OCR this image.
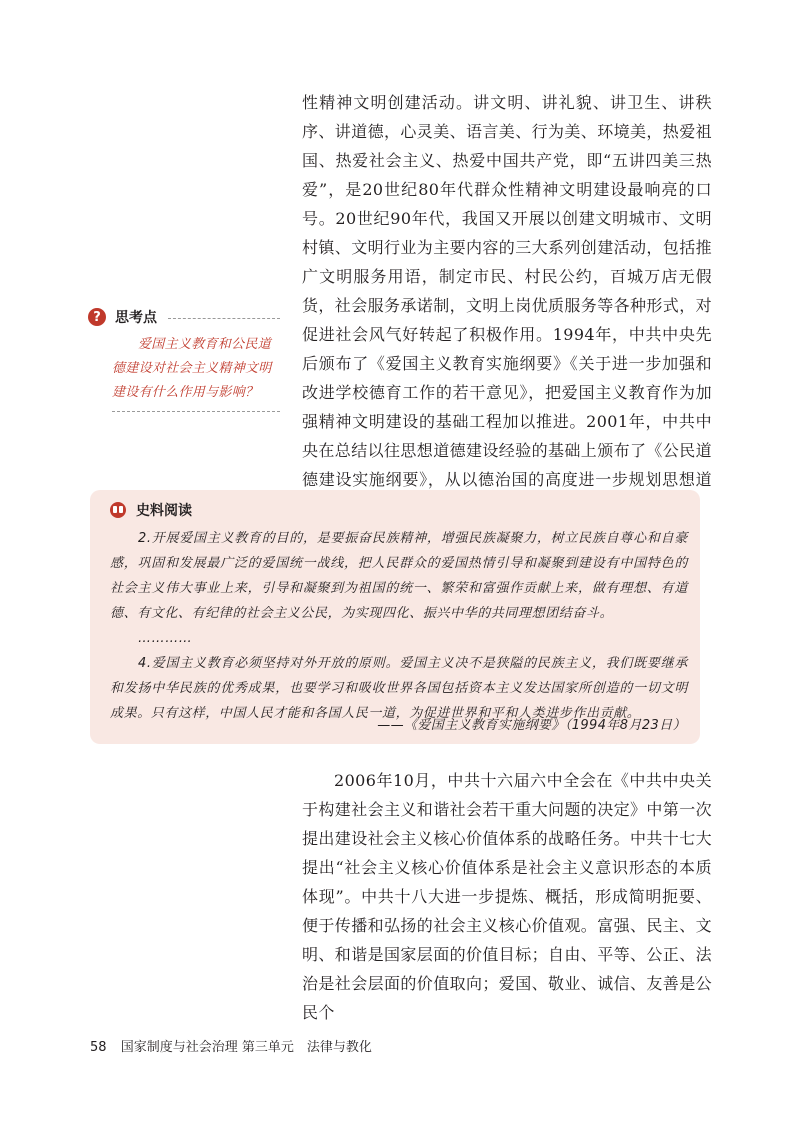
性精神文明创建活动。讲文明、讲礼貌、讲卫生、讲秩序、讲道德，心灵美、语言美、行为美、环境美，热爱祖国、热爱社会主义、热爱中国共产党，即“五讲四美三热爱”，是20世纪80年代群众性精神文明建设最响亮的口号。20世纪90年代，我国又开展以创建文明城市、文明村镇、文明行业为主要内容的三大系列创建活动，包括推广文明服务用语，制定市民、村民公约，百城万店无假货，社会服务承诺制，文明上岗优质服务等各种形式，对促进社会风气好转起了积极作用。1994年，中共中央先后颁布了《爱国主义教育实施纲要》《关于进一步加强和改进学校德育工作的若干意见》，把爱国主义教育作为加强精神文明建设的基础工程加以推进。2001年，中共中央在总结以往思想道德建设经验的基础上颁布了《公民道德建设实施纲要》，从以德治国的高度进一步规划思想道

?	思考点
爱国主义教育和公民道德建设对社会主义精神文明建设有什么作用与影响？
史料阅读

2.开展爱国主义教育的目的，是要振奋民族精神，增强民族凝聚力，树立民族自尊心和自豪感，巩固和发展最广泛的爱国统一战线，把人民群众的爱国热情引导和凝聚到建设有中国特色的社会主义伟大事业上来，引导和凝聚到为祖国的统一、繁荣和富强作贡献上来，做有理想、有道德、有文化、有纪律的社会主义公民，为实现四化、振兴中华的共同理想团结奋斗。

…………

4.爱国主义教育必须坚持对外开放的原则。爱国主义决不是狭隘的民族主义，我们既要继承和发扬中华民族的优秀成果，也要学习和吸收世界各国包括资本主义发达国家所创造的一切文明成果。只有这样，中国人民才能和各国人民一道，为促进世界和平和人类进步作出贡献。

——《爱国主义教育实施纲要》（1994年8月23日）

2006年10月，中共十六届六中全会在《中共中央关于构建社会主义和谐社会若干重大问题的决定》中第一次提出建设社会主义核心价值体系的战略任务。中共十七大提出“社会主义核心价值体系是社会主义意识形态的本质体现”。中共十八大进一步提炼、概括，形成简明扼要、便于传播和弘扬的社会主义核心价值观。富强、民主、文明、和谐是国家层面的价值目标；自由、平等、公正、法治是社会层面的价值取向；爱国、敬业、诚信、友善是公民个

58 国家制度与社会治理 第三单元　法律与教化
